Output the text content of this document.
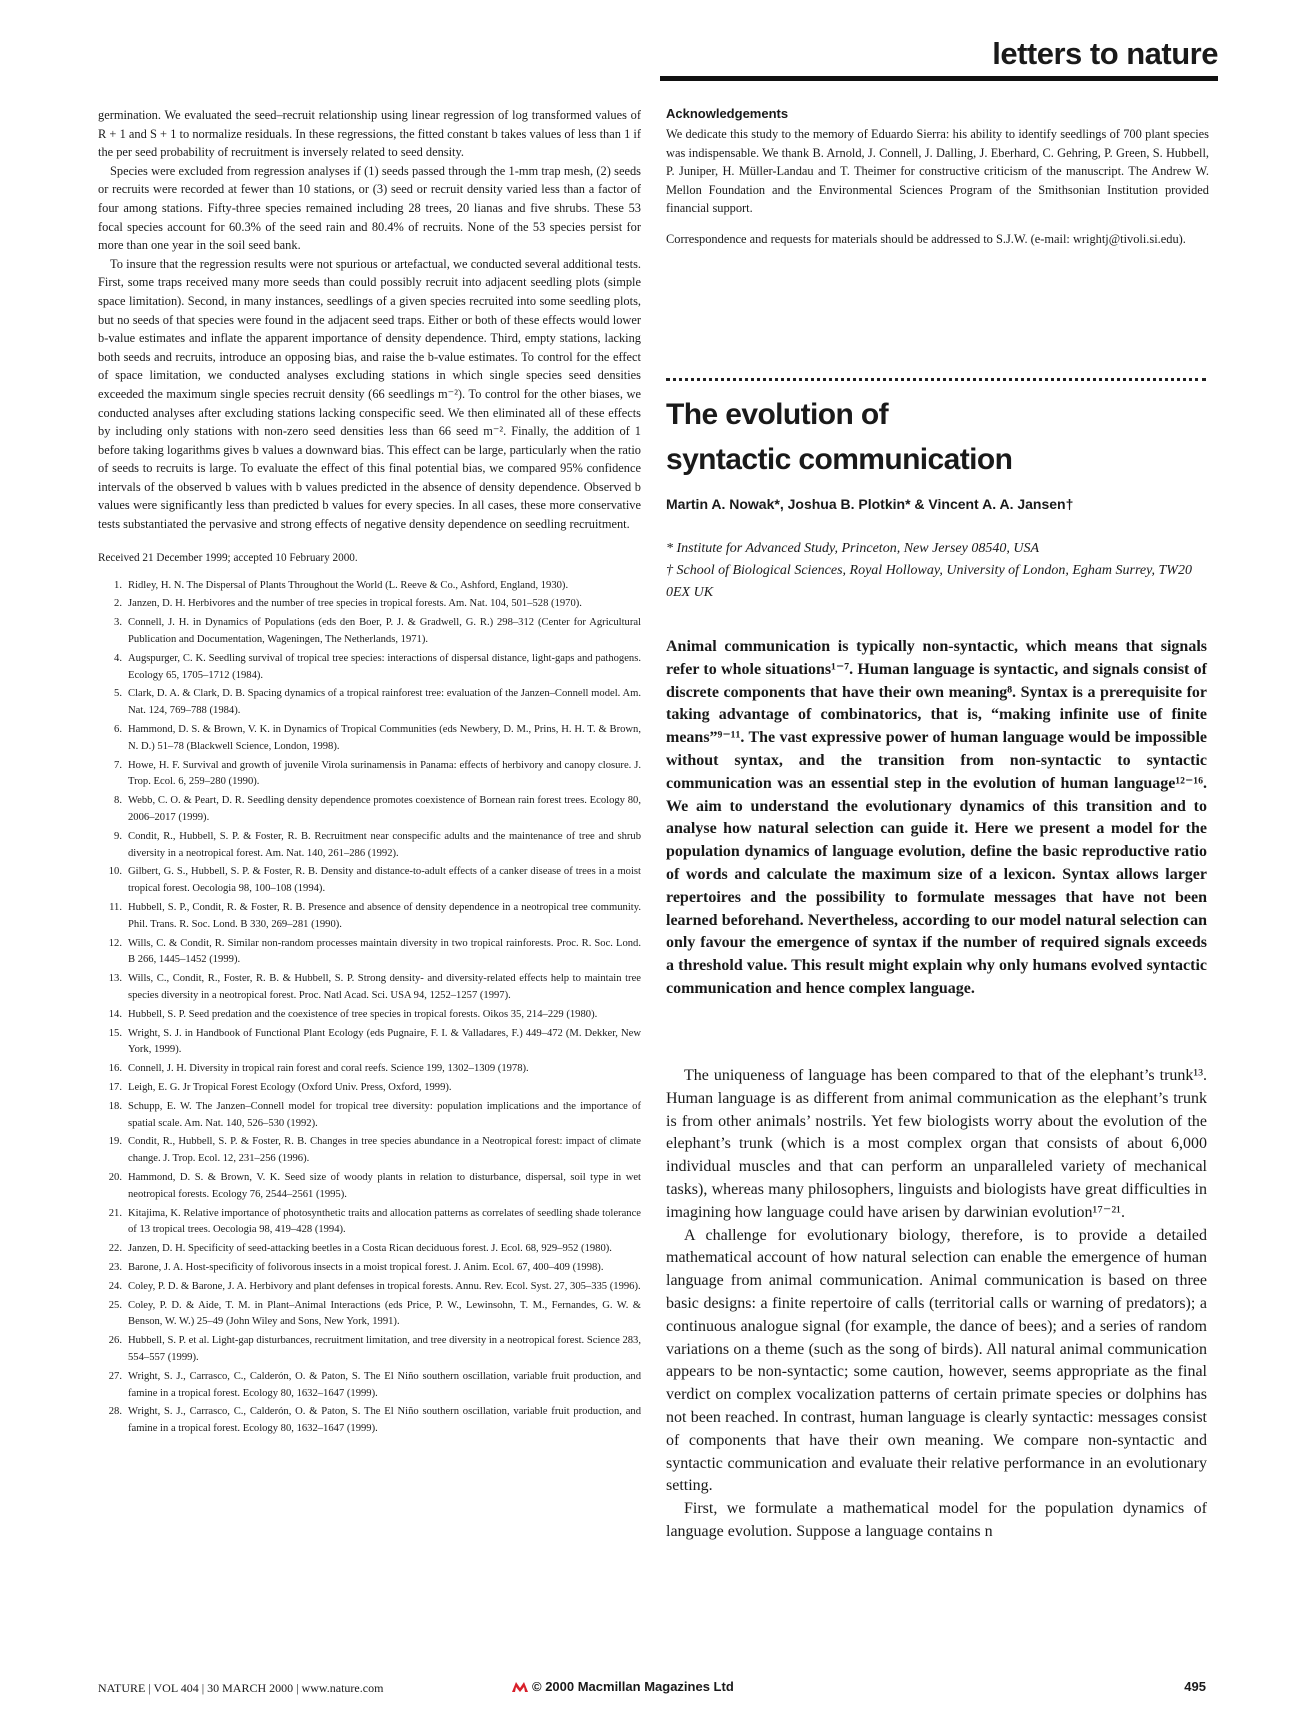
letters to nature

germination. We evaluated the seed–recruit relationship using linear regression of log transformed values of R + 1 and S + 1 to normalize residuals. In these regressions, the fitted constant b takes values of less than 1 if the per seed probability of recruitment is inversely related to seed density.

Species were excluded from regression analyses if (1) seeds passed through the 1-mm trap mesh, (2) seeds or recruits were recorded at fewer than 10 stations, or (3) seed or recruit density varied less than a factor of four among stations. Fifty-three species remained including 28 trees, 20 lianas and five shrubs. These 53 focal species account for 60.3% of the seed rain and 80.4% of recruits. None of the 53 species persist for more than one year in the soil seed bank.

To insure that the regression results were not spurious or artefactual, we conducted several additional tests. First, some traps received many more seeds than could possibly recruit into adjacent seedling plots (simple space limitation). Second, in many instances, seedlings of a given species recruited into some seedling plots, but no seeds of that species were found in the adjacent seed traps. Either or both of these effects would lower b-value estimates and inflate the apparent importance of density dependence. Third, empty stations, lacking both seeds and recruits, introduce an opposing bias, and raise the b-value estimates. To control for the effect of space limitation, we conducted analyses excluding stations in which single species seed densities exceeded the maximum single species recruit density (66 seedlings m⁻²). To control for the other biases, we conducted analyses after excluding stations lacking conspecific seed. We then eliminated all of these effects by including only stations with non-zero seed densities less than 66 seed m⁻². Finally, the addition of 1 before taking logarithms gives b values a downward bias. This effect can be large, particularly when the ratio of seeds to recruits is large. To evaluate the effect of this final potential bias, we compared 95% confidence intervals of the observed b values with b values predicted in the absence of density dependence. Observed b values were significantly less than predicted b values for every species. In all cases, these more conservative tests substantiated the pervasive and strong effects of negative density dependence on seedling recruitment.

Received 21 December 1999; accepted 10 February 2000.
1. Ridley, H. N. The Dispersal of Plants Throughout the World (L. Reeve & Co., Ashford, England, 1930).
2. Janzen, D. H. Herbivores and the number of tree species in tropical forests. Am. Nat. 104, 501–528 (1970).
3. Connell, J. H. in Dynamics of Populations (eds den Boer, P. J. & Gradwell, G. R.) 298–312 (Center for Agricultural Publication and Documentation, Wageningen, The Netherlands, 1971).
4. Augspurger, C. K. Seedling survival of tropical tree species: interactions of dispersal distance, light-gaps and pathogens. Ecology 65, 1705–1712 (1984).
5. Clark, D. A. & Clark, D. B. Spacing dynamics of a tropical rainforest tree: evaluation of the Janzen–Connell model. Am. Nat. 124, 769–788 (1984).
6. Hammond, D. S. & Brown, V. K. in Dynamics of Tropical Communities (eds Newbery, D. M., Prins, H. H. T. & Brown, N. D.) 51–78 (Blackwell Science, London, 1998).
7. Howe, H. F. Survival and growth of juvenile Virola surinamensis in Panama: effects of herbivory and canopy closure. J. Trop. Ecol. 6, 259–280 (1990).
8. Webb, C. O. & Peart, D. R. Seedling density dependence promotes coexistence of Bornean rain forest trees. Ecology 80, 2006–2017 (1999).
9. Condit, R., Hubbell, S. P. & Foster, R. B. Recruitment near conspecific adults and the maintenance of tree and shrub diversity in a neotropical forest. Am. Nat. 140, 261–286 (1992).
10. Gilbert, G. S., Hubbell, S. P. & Foster, R. B. Density and distance-to-adult effects of a canker disease of trees in a moist tropical forest. Oecologia 98, 100–108 (1994).
11. Hubbell, S. P., Condit, R. & Foster, R. B. Presence and absence of density dependence in a neotropical tree community. Phil. Trans. R. Soc. Lond. B 330, 269–281 (1990).
12. Wills, C. & Condit, R. Similar non-random processes maintain diversity in two tropical rainforests. Proc. R. Soc. Lond. B 266, 1445–1452 (1999).
13. Wills, C., Condit, R., Foster, R. B. & Hubbell, S. P. Strong density- and diversity-related effects help to maintain tree species diversity in a neotropical forest. Proc. Natl Acad. Sci. USA 94, 1252–1257 (1997).
14. Hubbell, S. P. Seed predation and the coexistence of tree species in tropical forests. Oikos 35, 214–229 (1980).
15. Wright, S. J. in Handbook of Functional Plant Ecology (eds Pugnaire, F. I. & Valladares, F.) 449–472 (M. Dekker, New York, 1999).
16. Connell, J. H. Diversity in tropical rain forest and coral reefs. Science 199, 1302–1309 (1978).
17. Leigh, E. G. Jr Tropical Forest Ecology (Oxford Univ. Press, Oxford, 1999).
18. Schupp, E. W. The Janzen–Connell model for tropical tree diversity: population implications and the importance of spatial scale. Am. Nat. 140, 526–530 (1992).
19. Condit, R., Hubbell, S. P. & Foster, R. B. Changes in tree species abundance in a Neotropical forest: impact of climate change. J. Trop. Ecol. 12, 231–256 (1996).
20. Hammond, D. S. & Brown, V. K. Seed size of woody plants in relation to disturbance, dispersal, soil type in wet neotropical forests. Ecology 76, 2544–2561 (1995).
21. Kitajima, K. Relative importance of photosynthetic traits and allocation patterns as correlates of seedling shade tolerance of 13 tropical trees. Oecologia 98, 419–428 (1994).
22. Janzen, D. H. Specificity of seed-attacking beetles in a Costa Rican deciduous forest. J. Ecol. 68, 929–952 (1980).
23. Barone, J. A. Host-specificity of folivorous insects in a moist tropical forest. J. Anim. Ecol. 67, 400–409 (1998).
24. Coley, P. D. & Barone, J. A. Herbivory and plant defenses in tropical forests. Annu. Rev. Ecol. Syst. 27, 305–335 (1996).
25. Coley, P. D. & Aide, T. M. in Plant–Animal Interactions (eds Price, P. W., Lewinsohn, T. M., Fernandes, G. W. & Benson, W. W.) 25–49 (John Wiley and Sons, New York, 1991).
26. Hubbell, S. P. et al. Light-gap disturbances, recruitment limitation, and tree diversity in a neotropical forest. Science 283, 554–557 (1999).
27. Wright, S. J., Carrasco, C., Calderón, O. & Paton, S. The El Niño southern oscillation, variable fruit production, and famine in a tropical forest. Ecology 80, 1632–1647 (1999).
28. Wright, S. J., Carrasco, C., Calderón, O. & Paton, S. The El Niño southern oscillation, variable fruit production, and famine in a tropical forest. Ecology 80, 1632–1647 (1999).
Acknowledgements

We dedicate this study to the memory of Eduardo Sierra: his ability to identify seedlings of 700 plant species was indispensable. We thank B. Arnold, J. Connell, J. Dalling, J. Eberhard, C. Gehring, P. Green, S. Hubbell, P. Juniper, H. Müller-Landau and T. Theimer for constructive criticism of the manuscript. The Andrew W. Mellon Foundation and the Environmental Sciences Program of the Smithsonian Institution provided financial support.

Correspondence and requests for materials should be addressed to S.J.W. (e-mail: wrightj@tivoli.si.edu).

The evolution of
syntactic communication
Martin A. Nowak*, Joshua B. Plotkin* & Vincent A. A. Jansen†

* Institute for Advanced Study, Princeton, New Jersey 08540, USA

† School of Biological Sciences, Royal Holloway, University of London, Egham Surrey, TW20 0EX UK

Animal communication is typically non-syntactic, which means that signals refer to whole situations¹⁻⁷. Human language is syntactic, and signals consist of discrete components that have their own meaning⁸. Syntax is a prerequisite for taking advantage of combinatorics, that is, “making infinite use of finite means”⁹⁻¹¹. The vast expressive power of human language would be impossible without syntax, and the transition from non-syntactic to syntactic communication was an essential step in the evolution of human language¹²⁻¹⁶. We aim to understand the evolutionary dynamics of this transition and to analyse how natural selection can guide it. Here we present a model for the population dynamics of language evolution, define the basic reproductive ratio of words and calculate the maximum size of a lexicon. Syntax allows larger repertoires and the possibility to formulate messages that have not been learned beforehand. Nevertheless, according to our model natural selection can only favour the emergence of syntax if the number of required signals exceeds a threshold value. This result might explain why only humans evolved syntactic communication and hence complex language.

The uniqueness of language has been compared to that of the elephant’s trunk¹³. Human language is as different from animal communication as the elephant’s trunk is from other animals’ nostrils. Yet few biologists worry about the evolution of the elephant’s trunk (which is a most complex organ that consists of about 6,000 individual muscles and that can perform an unparalleled variety of mechanical tasks), whereas many philosophers, linguists and biologists have great difficulties in imagining how language could have arisen by darwinian evolution¹⁷⁻²¹.

A challenge for evolutionary biology, therefore, is to provide a detailed mathematical account of how natural selection can enable the emergence of human language from animal communication. Animal communication is based on three basic designs: a finite repertoire of calls (territorial calls or warning of predators); a continuous analogue signal (for example, the dance of bees); and a series of random variations on a theme (such as the song of birds). All natural animal communication appears to be non-syntactic; some caution, however, seems appropriate as the final verdict on complex vocalization patterns of certain primate species or dolphins has not been reached. In contrast, human language is clearly syntactic: messages consist of components that have their own meaning. We compare non-syntactic and syntactic communication and evaluate their relative performance in an evolutionary setting.

First, we formulate a mathematical model for the population dynamics of language evolution. Suppose a language contains n

NATURE | VOL 404 | 30 MARCH 2000 | www.nature.com	© 2000 Macmillan Magazines Ltd	495
